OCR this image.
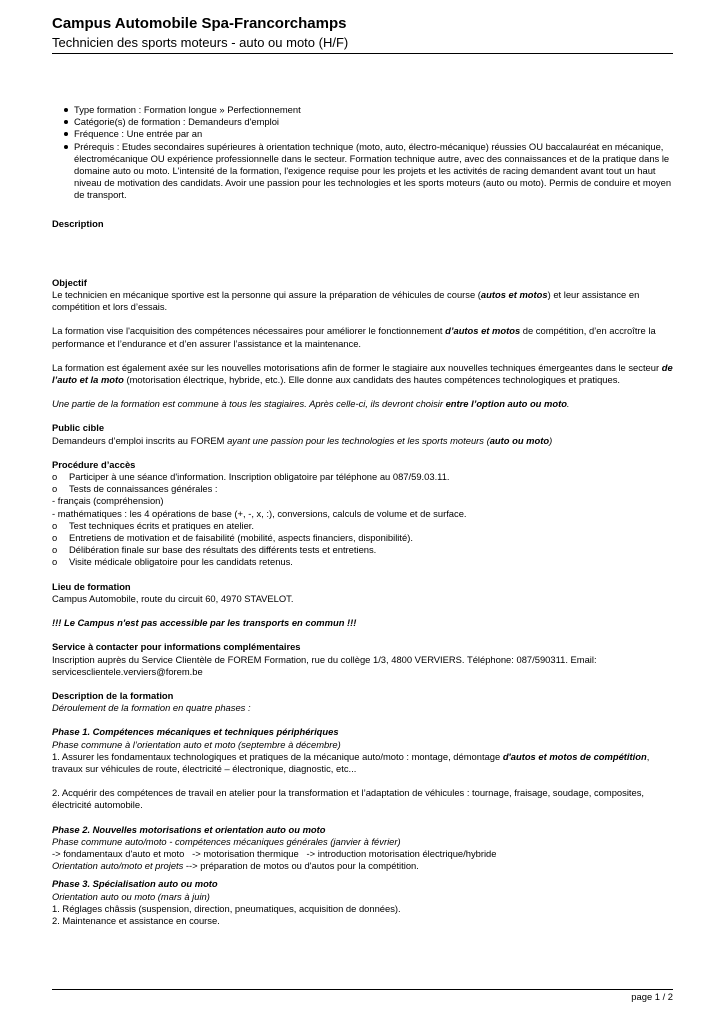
Campus Automobile Spa-Francorchamps
Technicien des sports moteurs - auto ou moto (H/F)
Type formation : Formation longue » Perfectionnement
Catégorie(s) de formation : Demandeurs d'emploi
Fréquence : Une entrée par an
Prérequis : Etudes secondaires supérieures à orientation technique (moto, auto, électro-mécanique) réussies OU baccalauréat en mécanique, électromécanique OU expérience professionnelle dans le secteur. Formation technique autre, avec des connaissances et de la pratique dans le domaine auto ou moto. L'intensité de la formation, l'exigence requise pour les projets et les activités de racing demandent avant tout un haut niveau de motivation des candidats. Avoir une passion pour les technologies et les sports moteurs (auto ou moto). Permis de conduire et moyen de transport.

Description

Objectif

Le technicien en mécanique sportive est la personne qui assure la préparation de véhicules de course (autos et motos) et leur assistance en compétition et lors d’essais.

La formation vise l'acquisition des compétences nécessaires pour améliorer le fonctionnement d’autos et motos de compétition, d’en accroître la performance et l’endurance et d’en assurer l’assistance et la maintenance.

La formation est également axée sur les nouvelles motorisations afin de former le stagiaire aux nouvelles techniques émergeantes dans le secteur de l’auto et la moto (motorisation électrique, hybride, etc.). Elle donne aux candidats des hautes compétences technologiques et pratiques.

Une partie de la formation est commune à tous les stagiaires. Après celle-ci, ils devront choisir entre l’option auto ou moto.

Public cible

Demandeurs d’emploi inscrits au FOREM ayant une passion pour les technologies et les sports moteurs (auto ou moto)

Procédure d’accès

o Participer à une séance d'information. Inscription obligatoire par téléphone au 087/59.03.11.

o Tests de connaissances générales :

- français (compréhension)

- mathématiques : les 4 opérations de base (+, -, x, :), conversions, calculs de volume et de surface.

o Test techniques écrits et pratiques en atelier.

o Entretiens de motivation et de faisabilité (mobilité, aspects financiers, disponibilité).

o Délibération finale sur base des résultats des différents tests et entretiens.

o Visite médicale obligatoire pour les candidats retenus.

Lieu de formation

Campus Automobile, route du circuit 60, 4970 STAVELOT.

!!! Le Campus n'est pas accessible par les transports en commun !!!

Service à contacter pour informations complémentaires

Inscription auprès du Service Clientèle de FOREM Formation, rue du collège 1/3, 4800 VERVIERS. Téléphone: 087/590311. Email: servicesclientele.verviers@forem.be

Description de la formation

Déroulement de la formation en quatre phases :

Phase 1. Compétences mécaniques et techniques périphériques

Phase commune à l’orientation auto et moto (septembre à décembre)

1. Assurer les fondamentaux technologiques et pratiques de la mécanique auto/moto : montage, démontage d'autos et motos de compétition, travaux sur véhicules de route, électricité – électronique, diagnostic, etc...

2. Acquérir des compétences de travail en atelier pour la transformation et l’adaptation de véhicules : tournage, fraisage, soudage, composites, électricité automobile.

Phase 2. Nouvelles motorisations et orientation auto ou moto

Phase commune auto/moto - compétences mécaniques générales (janvier à février)

-> fondamentaux d'auto et moto   -> motorisation thermique   -> introduction motorisation électrique/hybride

Orientation auto/moto et projets --> préparation de motos ou d'autos pour la compétition.

Phase 3. Spécialisation auto ou moto

Orientation auto ou moto (mars à juin)

1. Réglages châssis (suspension, direction, pneumatiques, acquisition de données).

2. Maintenance et assistance en course.

page 1 / 2
